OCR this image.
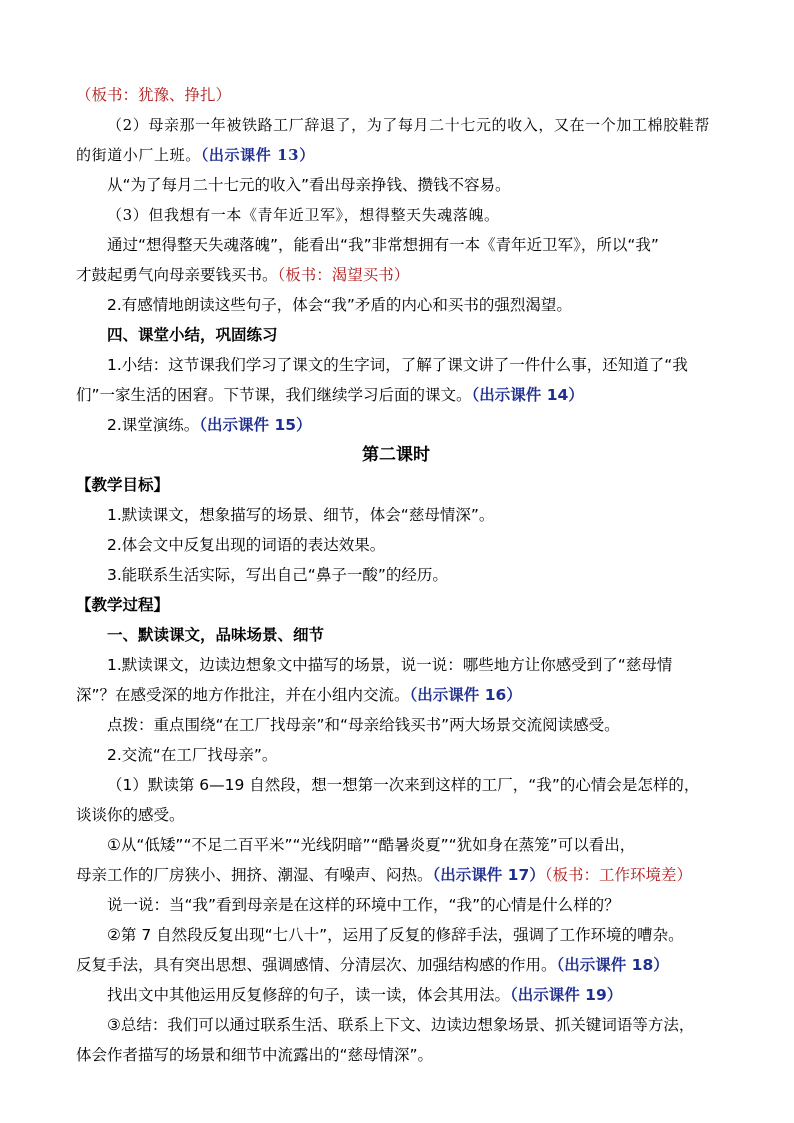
（板书：犹豫、挣扎）
（2）母亲那一年被铁路工厂辞退了，为了每月二十七元的收入，又在一个加工棉胶鞋帮
的街道小厂上班。（出示课件 13）
从“为了每月二十七元的收入”看出母亲挣钱、攒钱不容易。
（3）但我想有一本《青年近卫军》，想得整天失魂落魄。
通过“想得整天失魂落魄”，能看出“我”非常想拥有一本《青年近卫军》，所以“我”
才鼓起勇气向母亲要钱买书。（板书：渴望买书）
2.有感情地朗读这些句子，体会“我”矛盾的内心和买书的强烈渴望。
四、课堂小结，巩固练习
1.小结：这节课我们学习了课文的生字词，了解了课文讲了一件什么事，还知道了“我
们”一家生活的困窘。下节课，我们继续学习后面的课文。（出示课件 14）
2.课堂演练。（出示课件 15）
第二课时
【教学目标】
1.默读课文，想象描写的场景、细节，体会“慈母情深”。
2.体会文中反复出现的词语的表达效果。
3.能联系生活实际，写出自己“鼻子一酸”的经历。
【教学过程】
一、默读课文，品味场景、细节
1.默读课文，边读边想象文中描写的场景，说一说：哪些地方让你感受到了“慈母情
深”？在感受深的地方作批注，并在小组内交流。（出示课件 16）
点拨：重点围绕“在工厂找母亲”和“母亲给钱买书”两大场景交流阅读感受。
2.交流“在工厂找母亲”。
（1）默读第 6—19 自然段，想一想第一次来到这样的工厂，“我”的心情会是怎样的，
谈谈你的感受。
①从“低矮”“不足二百平米”“光线阴暗”“酷暑炎夏”“犹如身在蒸笼”可以看出，
母亲工作的厂房狭小、拥挤、潮湿、有噪声、闷热。（出示课件 17）（板书：工作环境差）
说一说：当“我”看到母亲是在这样的环境中工作，“我”的心情是什么样的？
②第 7 自然段反复出现“七八十”，运用了反复的修辞手法，强调了工作环境的嘈杂。
反复手法，具有突出思想、强调感情、分清层次、加强结构感的作用。（出示课件 18）
找出文中其他运用反复修辞的句子，读一读，体会其用法。（出示课件 19）
③总结：我们可以通过联系生活、联系上下文、边读边想象场景、抓关键词语等方法，
体会作者描写的场景和细节中流露出的“慈母情深”。
